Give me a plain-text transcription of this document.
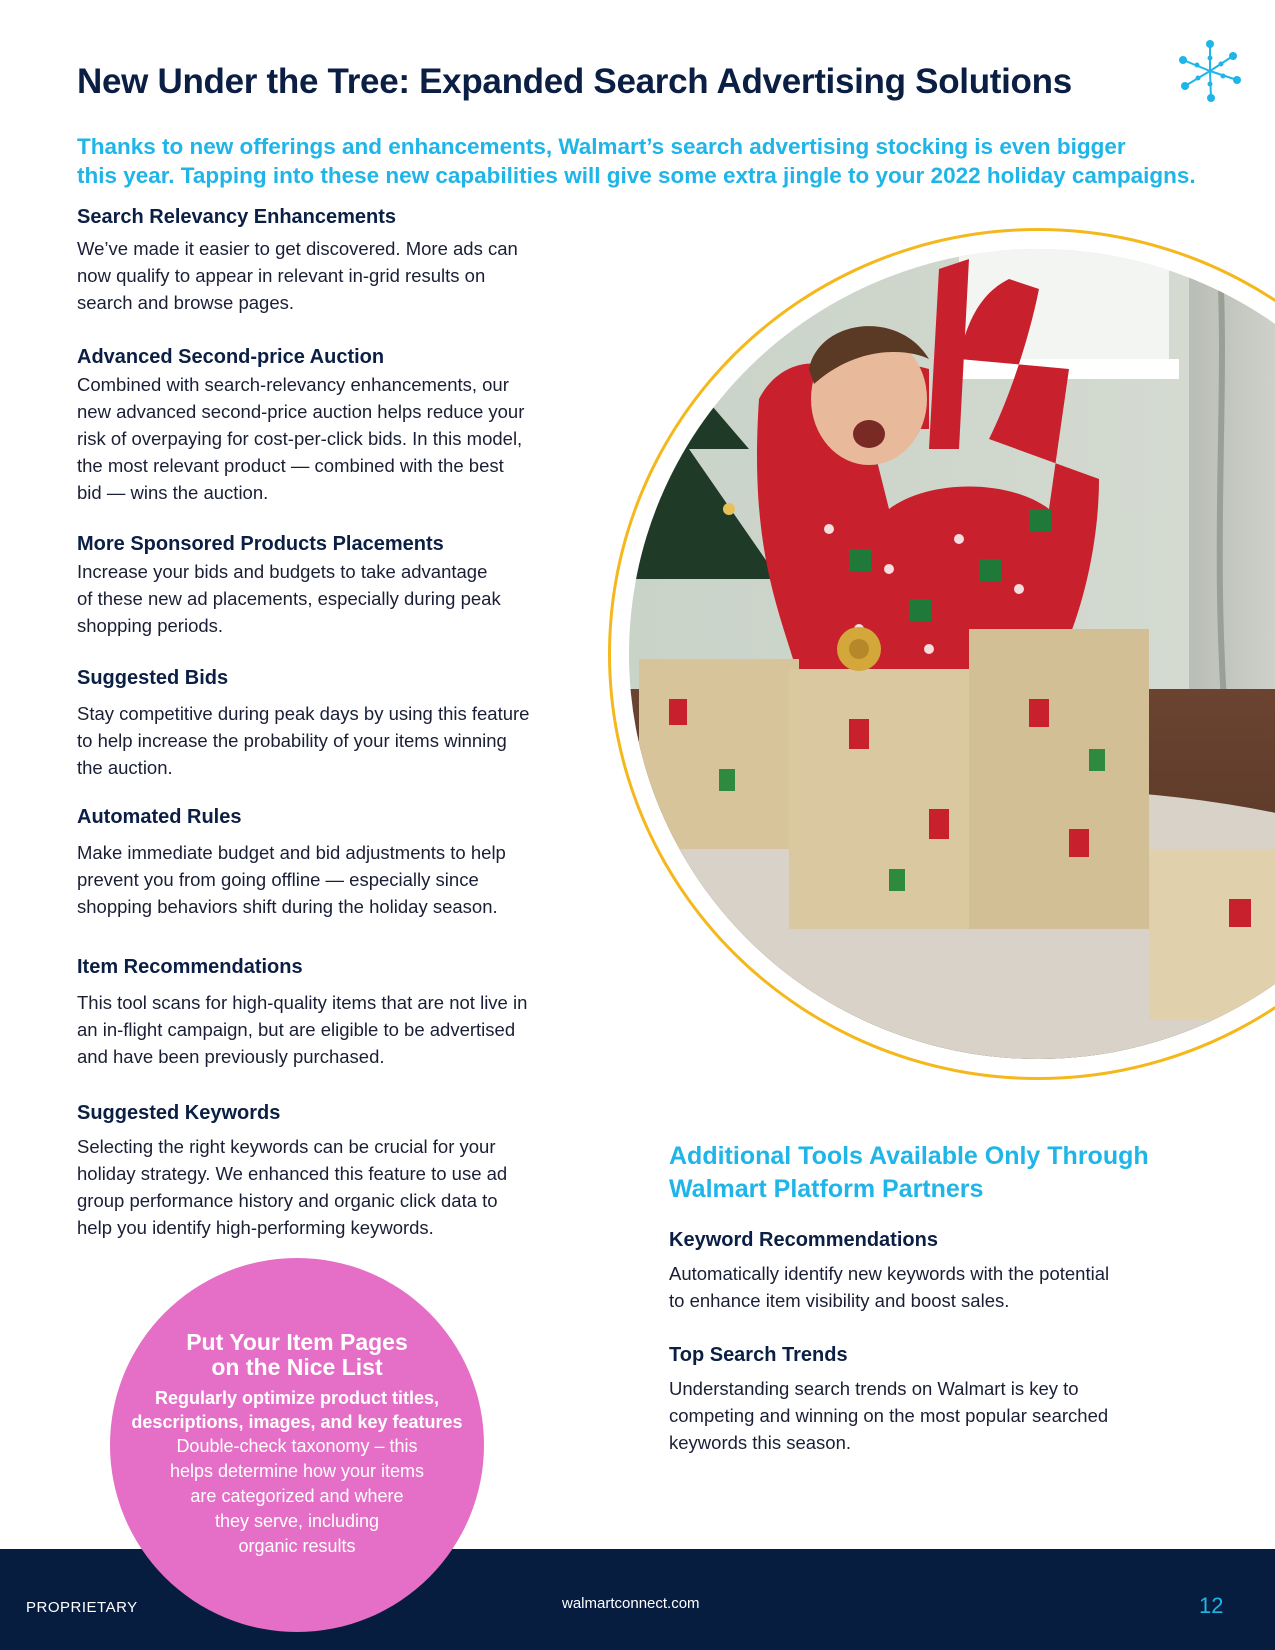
New Under the Tree: Expanded Search Advertising Solutions
Thanks to new offerings and enhancements, Walmart’s search advertising stocking is even bigger
this year. Tapping into these new capabilities will give some extra jingle to your 2022 holiday campaigns.
Search Relevancy Enhancements

We’ve made it easier to get discovered. More ads can
now qualify to appear in relevant in-grid results on
search and browse pages.

Advanced Second-price Auction

Combined with search-relevancy enhancements, our
new advanced second-price auction helps reduce your
risk of overpaying for cost-per-click bids. In this model,
the most relevant product — combined with the best
bid — wins the auction.

More Sponsored Products Placements

Increase your bids and budgets to take advantage
of these new ad placements, especially during peak
shopping periods.

Suggested Bids

Stay competitive during peak days by using this feature
to help increase the probability of your items winning
the auction.

Automated Rules

Make immediate budget and bid adjustments to help
prevent you from going offline — especially since
shopping behaviors shift during the holiday season.

Item Recommendations

This tool scans for high-quality items that are not live in
an in-flight campaign, but are eligible to be advertised
and have been previously purchased.

Suggested Keywords

Selecting the right keywords can be crucial for your
holiday strategy. We enhanced this feature to use ad
group performance history and organic click data to
help you identify high-performing keywords.

Additional Tools Available Only Through
Walmart Platform Partners
Keyword Recommendations

Automatically identify new keywords with the potential
to enhance item visibility and boost sales.

Top Search Trends

Understanding search trends on Walmart is key to
competing and winning on the most popular searched
keywords this season.

PROPRIETARY	walmartconnect.com	12
Put Your Item Pages
on the Nice List
Regularly optimize product titles,
descriptions, images, and key features
Double-check taxonomy – this
helps determine how your items
are categorized and where
they serve, including
organic results
